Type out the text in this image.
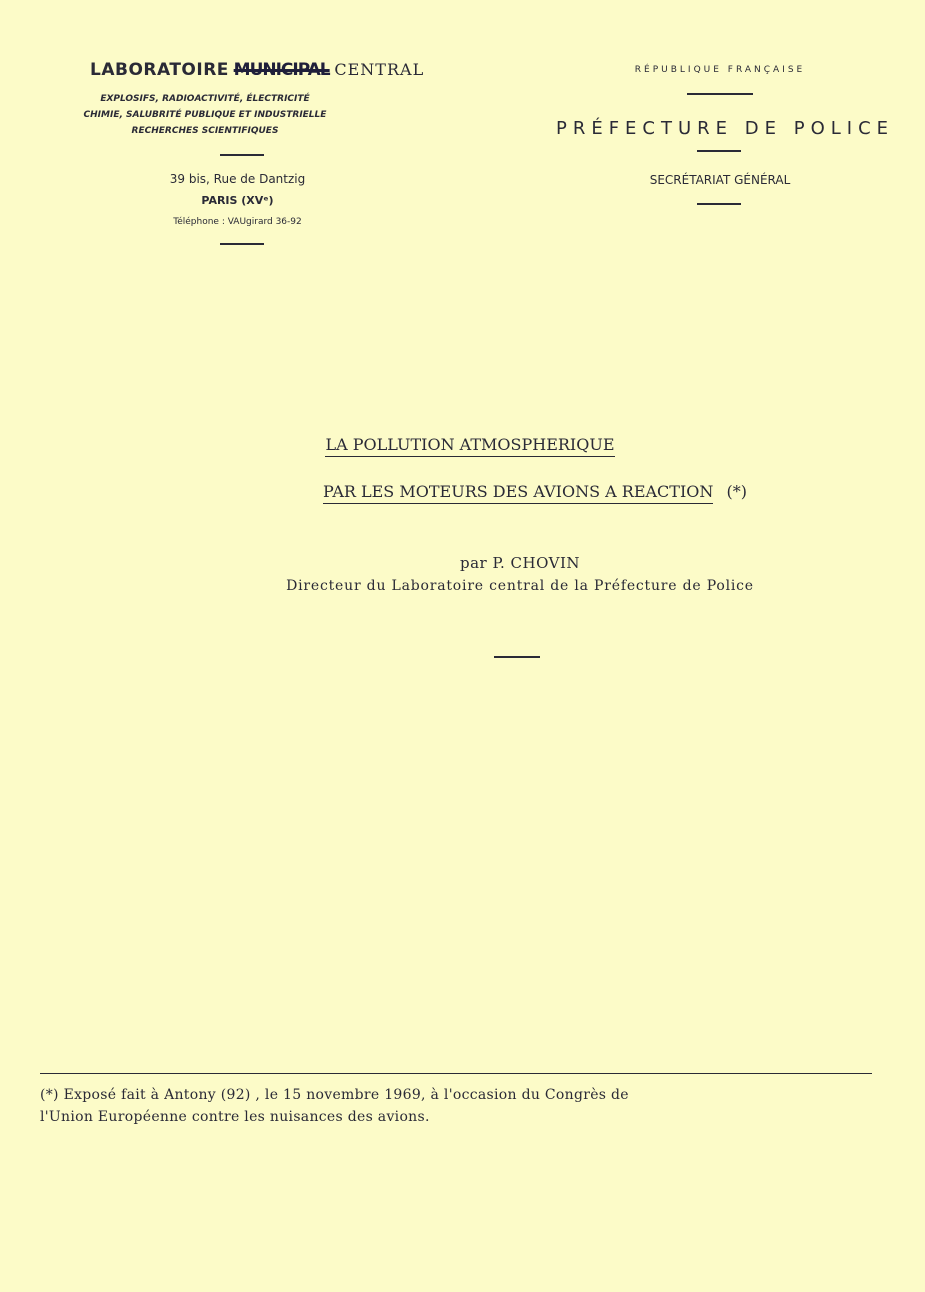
LABORATOIRE MUNICIPAL CENTRAL
EXPLOSIFS, RADIOACTIVITÉ, ÉLECTRICITÉ
CHIMIE, SALUBRITÉ PUBLIQUE ET INDUSTRIELLE
RECHERCHES SCIENTIFIQUES
39 bis, Rue de Dantzig
PARIS (XVᵉ)
Téléphone : VAUgirard 36-92
RÉPUBLIQUE FRANÇAISE
PRÉFECTURE DE POLICE
SECRÉTARIAT GÉNÉRAL
LA POLLUTION ATMOSPHERIQUE
PAR LES MOTEURS DES AVIONS A REACTION (*)
par P. CHOVIN
Directeur du Laboratoire central de la Préfecture de Police
(*) Exposé fait à Antony (92) , le 15 novembre 1969, à l'occasion du Congrès de
l'Union Européenne contre les nuisances des avions.
